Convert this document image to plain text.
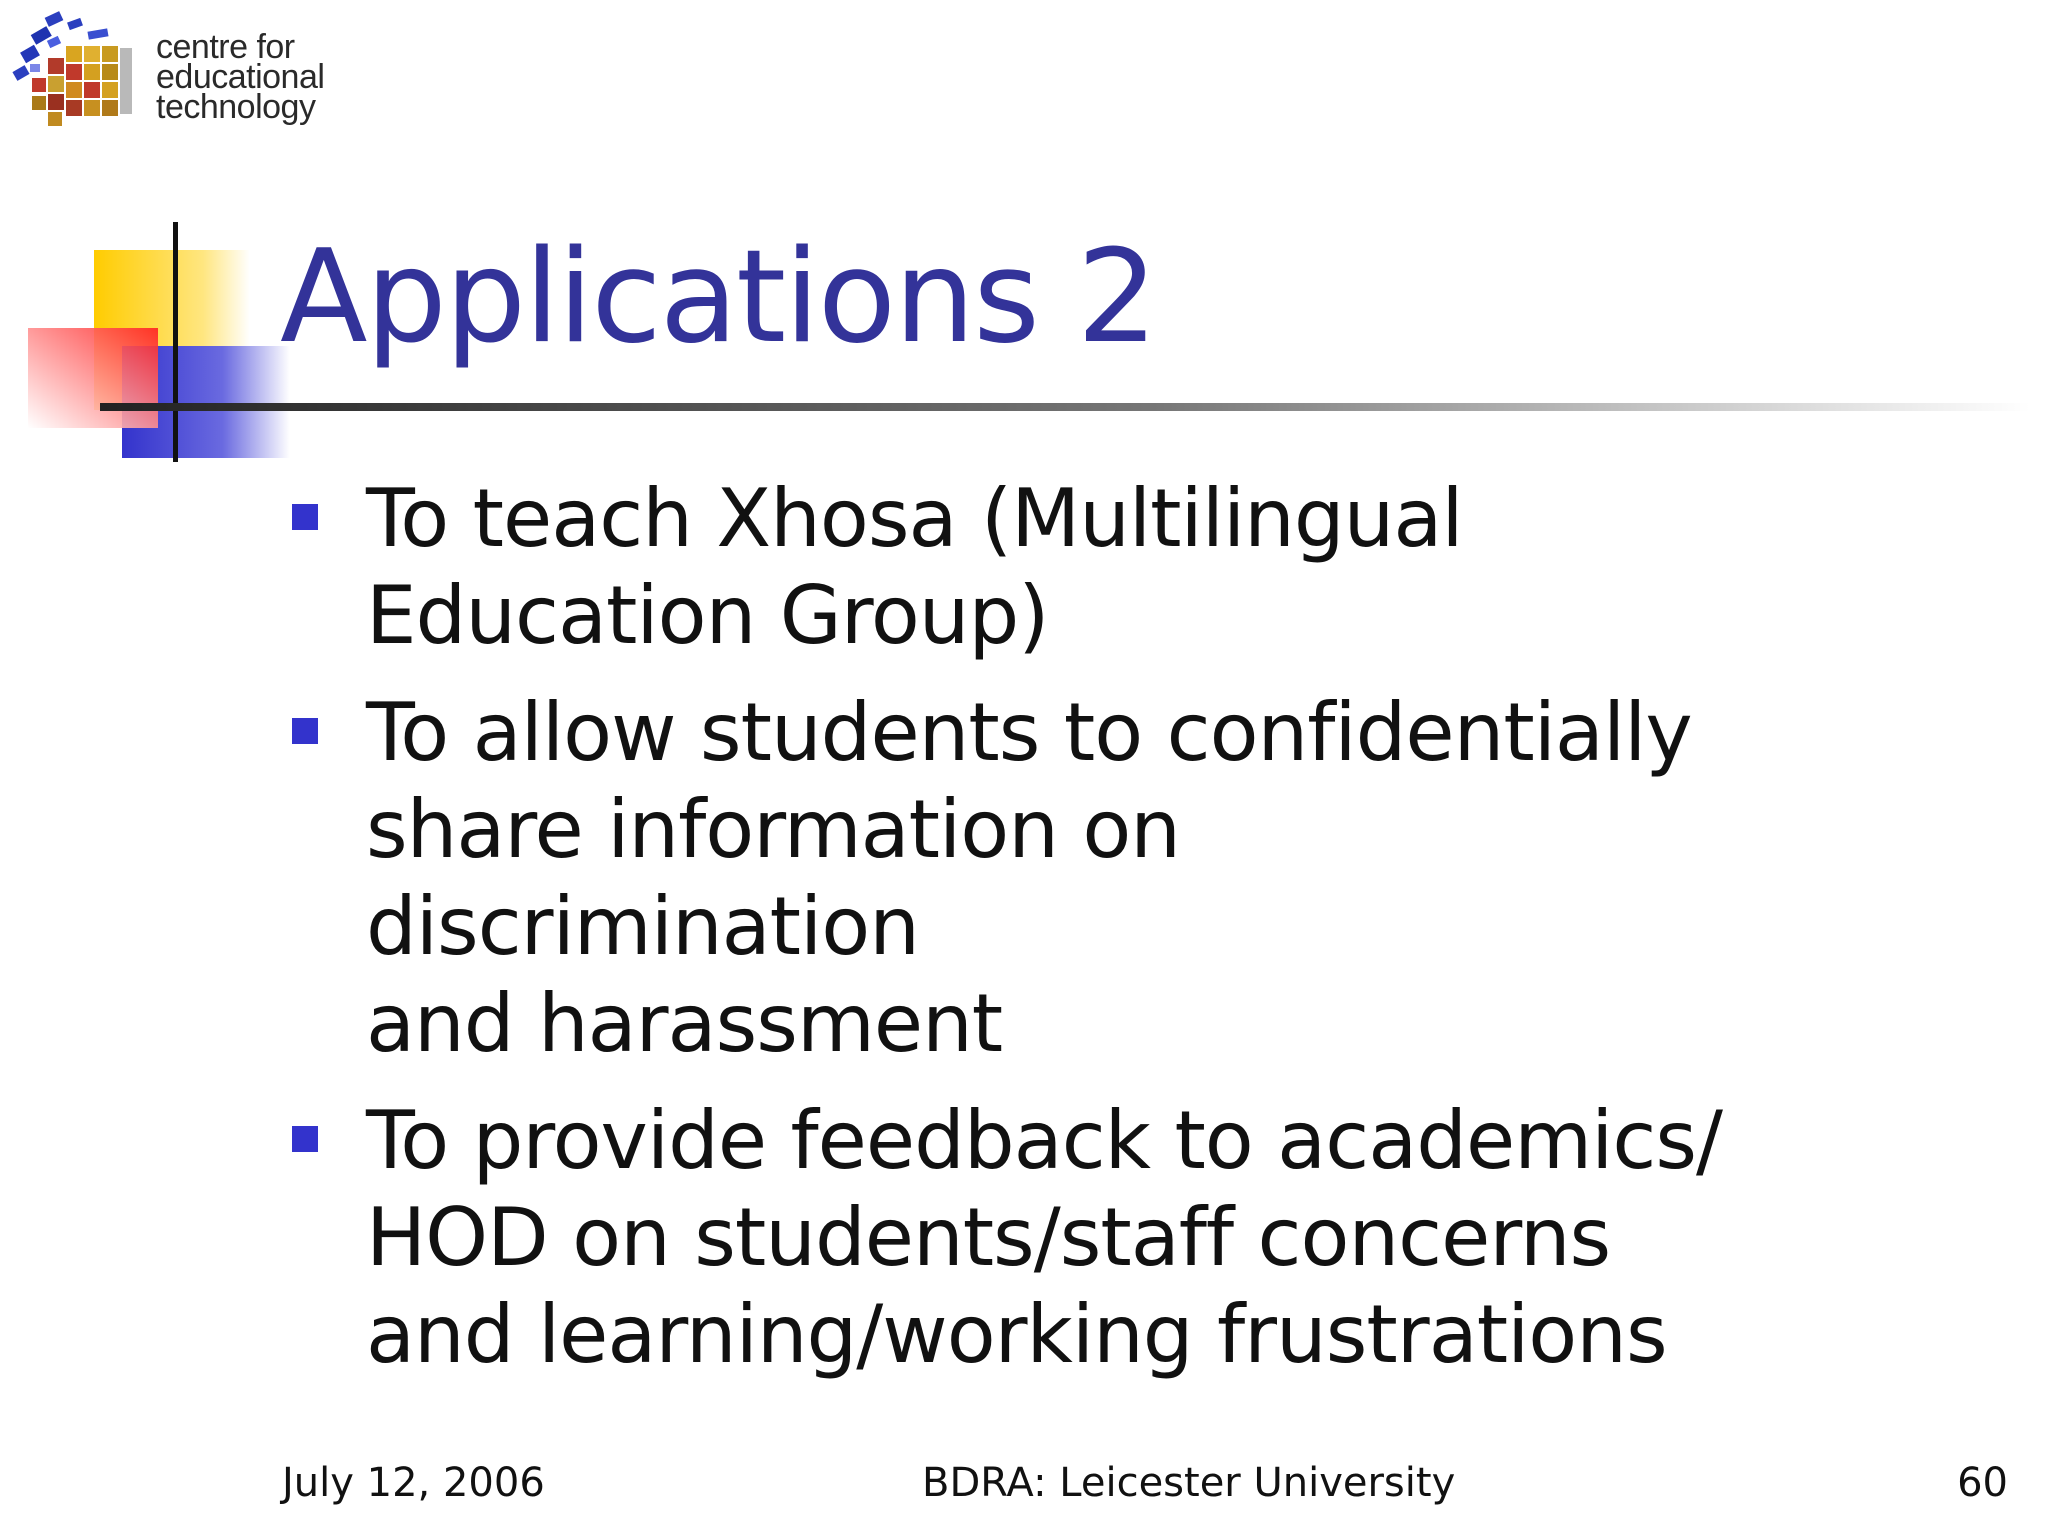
centre for
educational
technology
Applications 2
To teach Xhosa (Multilingual
Education Group)
To allow students to confidentially
share information on discrimination
and harassment
To provide feedback to academics/
HOD on students/staff concerns
and learning/working frustrations
July 12, 2006	BDRA: Leicester University	60
